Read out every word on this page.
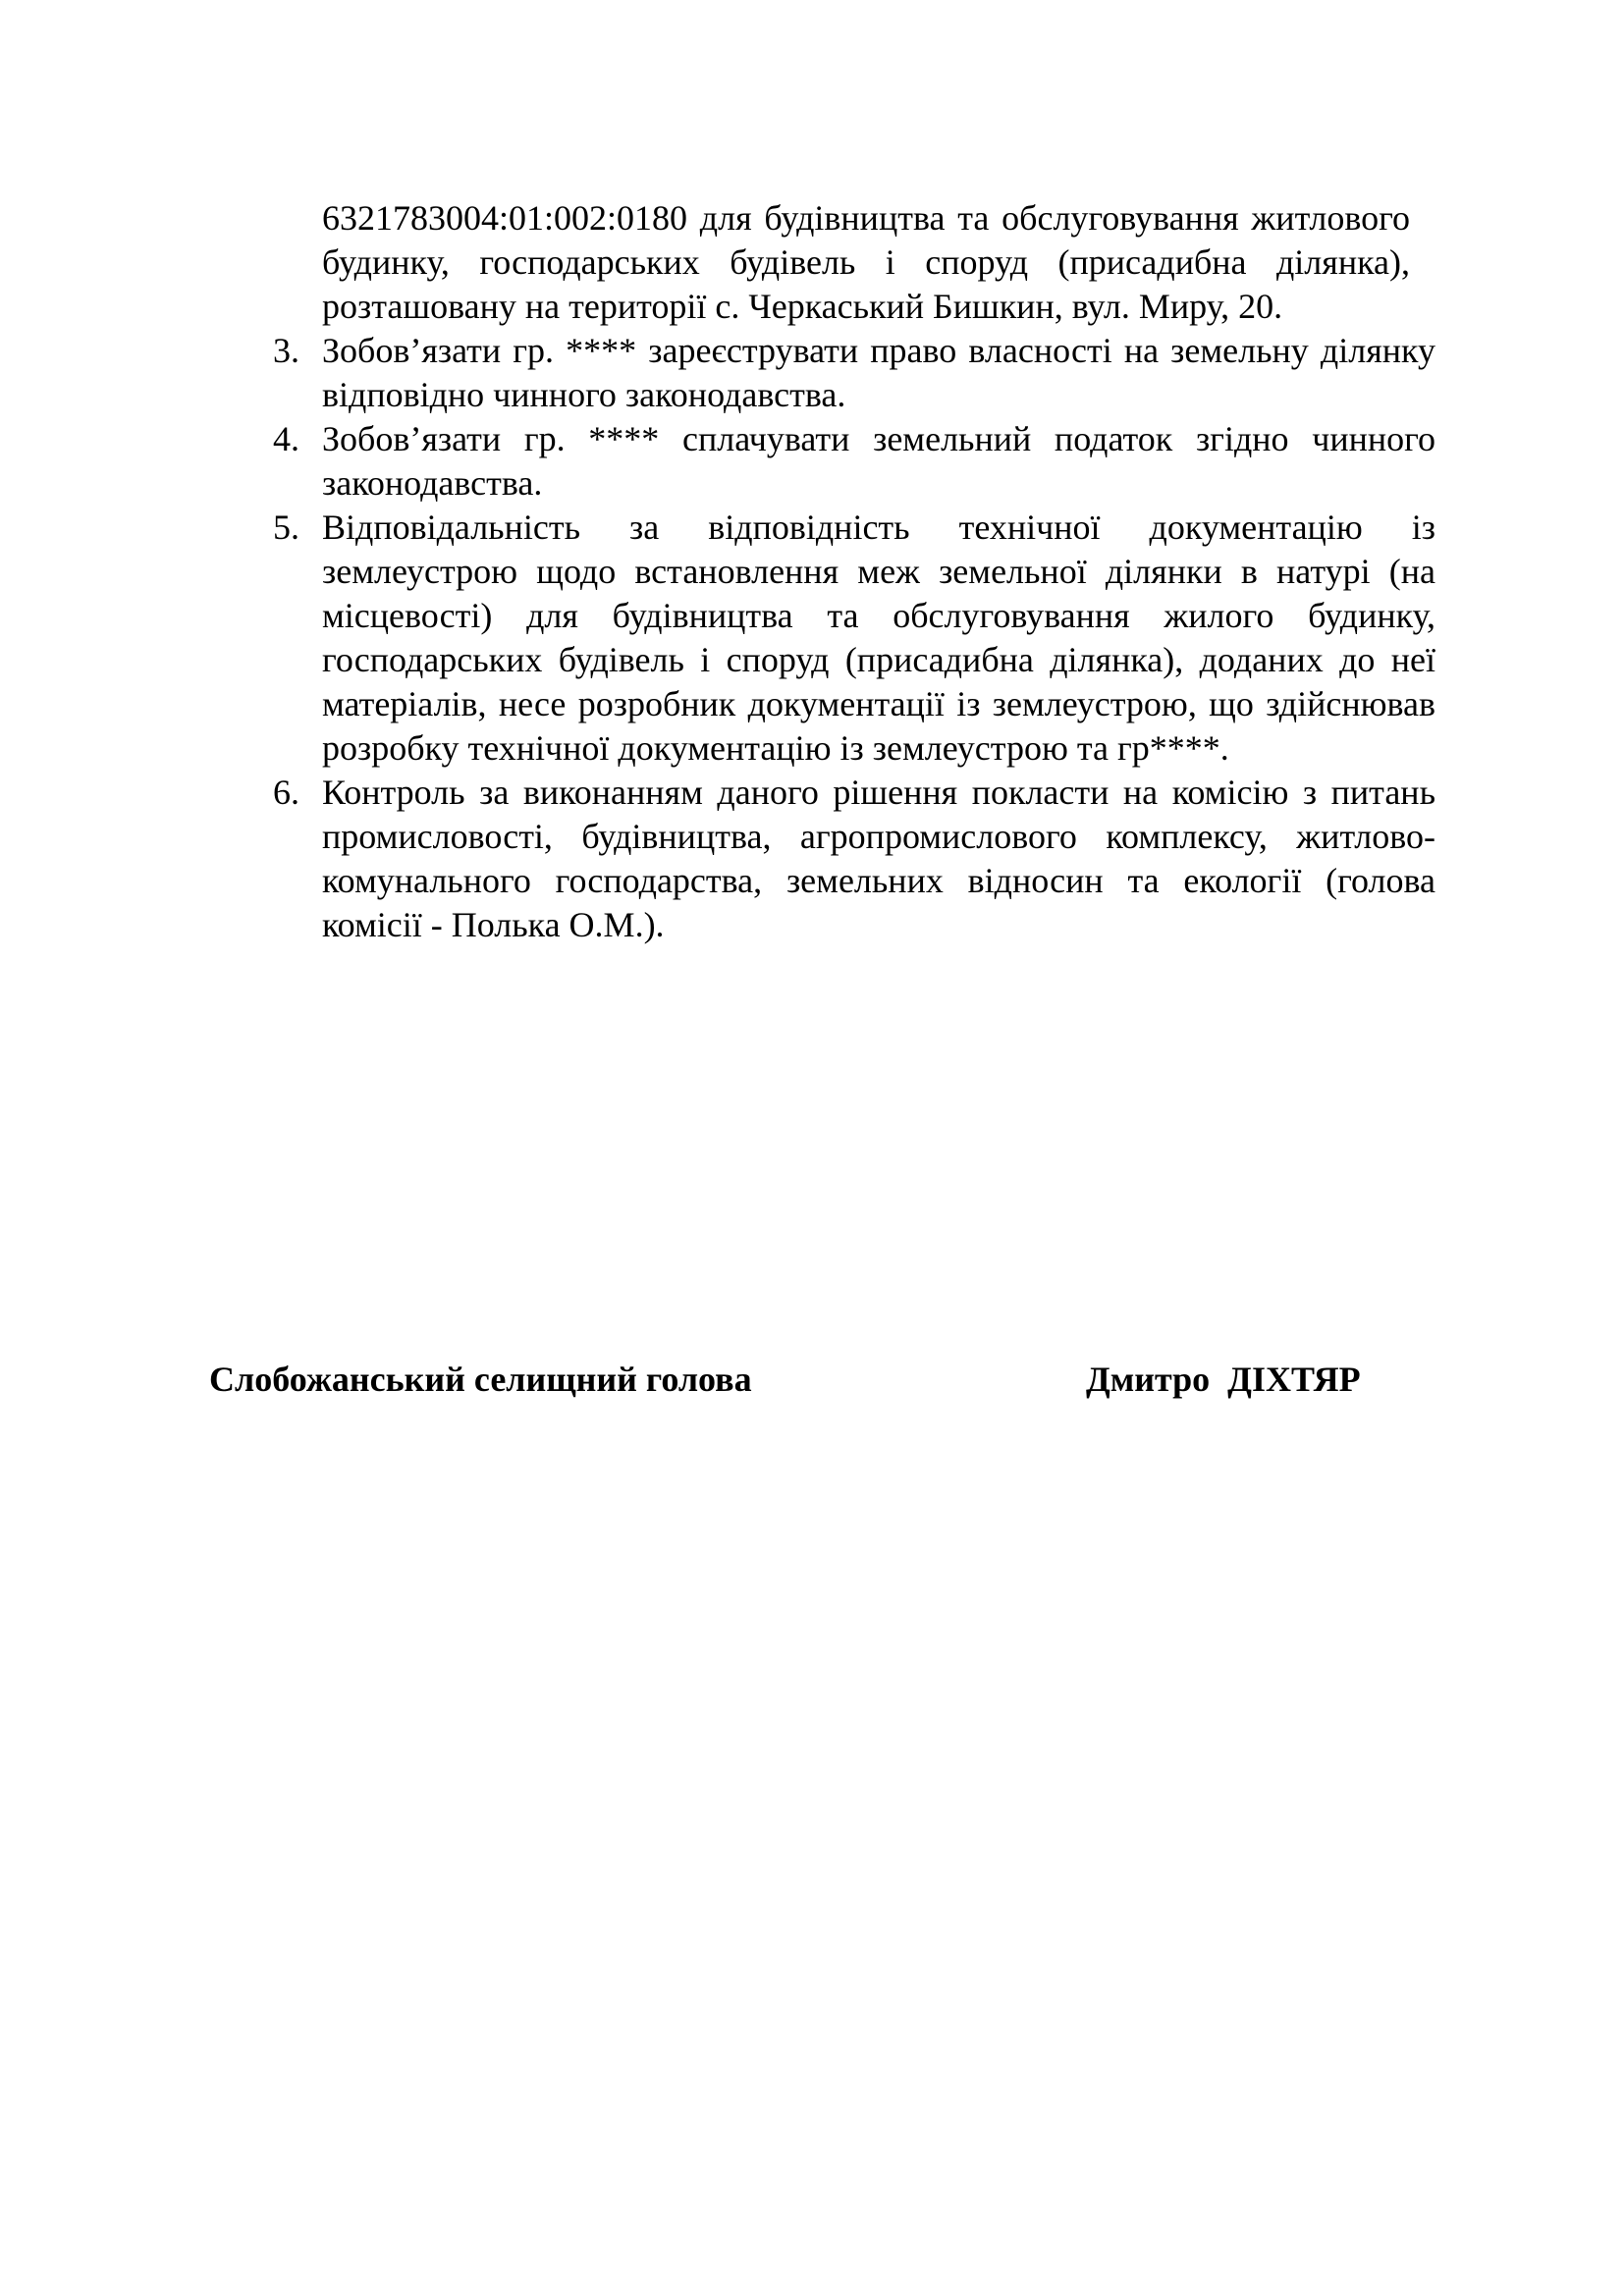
6321783004:01:002:0180 для будівництва та обслуговування житлового будинку, господарських будівель і споруд (присадибна ділянка), розташовану на території с. Черкаський Бишкин, вул. Миру, 20.

3. Зобов’язати гр. **** зареєструвати право власності на земельну ділянку відповідно чинного законодавства.
4. Зобов’язати гр. **** сплачувати земельний податок згідно чинного законодавства.
5. Відповідальність за відповідність технічної документацію із землеустрою щодо встановлення меж земельної ділянки в натурі (на місцевості) для будівництва та обслуговування жилого будинку, господарських будівель і споруд (присадибна ділянка), доданих до неї матеріалів, несе розробник документації із землеустрою, що здійснював розробку технічної документацію із землеустрою та гр****.
6. Контроль за виконанням даного рішення покласти на комісію з питань промисловості, будівництва, агропромислового комплексу, житлово-комунального господарства, земельних відносин та екології (голова комісії - Полька О.М.).
Слобожанський селищний голова	Дмитро  ДІХТЯР
